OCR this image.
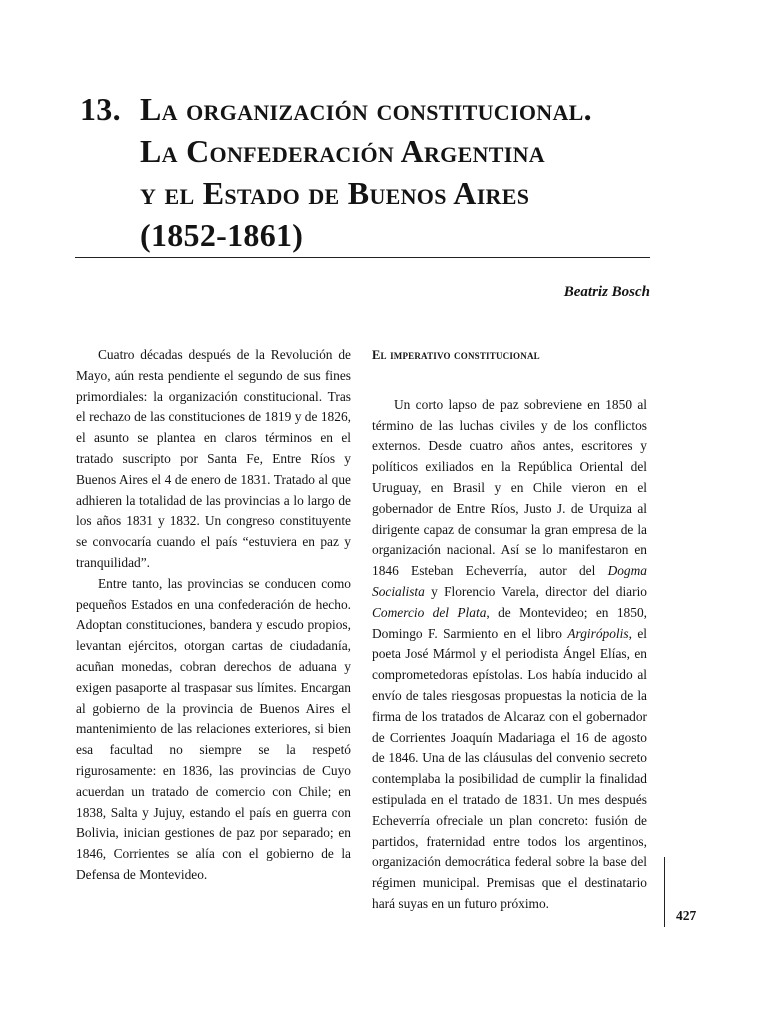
13. La organización constitucional.
La Confederación Argentina
y el Estado de Buenos Aires
(1852-1861)
Beatriz Bosch

Cuatro décadas después de la Revolución de Mayo, aún resta pendiente el segundo de sus fines primordiales: la organización constitucional. Tras el rechazo de las constituciones de 1819 y de 1826, el asunto se plantea en claros términos en el tratado suscripto por Santa Fe, Entre Ríos y Buenos Aires el 4 de enero de 1831. Tratado al que adhieren la totalidad de las provincias a lo largo de los años 1831 y 1832. Un congreso constituyente se convocaría cuando el país “estuviera en paz y tranquilidad”.

Entre tanto, las provincias se conducen como pequeños Estados en una confederación de hecho. Adoptan constituciones, bandera y escudo propios, levantan ejércitos, otorgan cartas de ciudadanía, acuñan monedas, cobran derechos de aduana y exigen pasaporte al traspasar sus límites. Encargan al gobierno de la provincia de Buenos Aires el mantenimiento de las relaciones exteriores, si bien esa facultad no siempre se la respetó rigurosamente: en 1836, las provincias de Cuyo acuerdan un tratado de comercio con Chile; en 1838, Salta y Jujuy, estando el país en guerra con Bolivia, inician gestiones de paz por separado; en 1846, Corrientes se alía con el gobierno de la Defensa de Montevideo.

El imperativo constitucional

Un corto lapso de paz sobreviene en 1850 al término de las luchas civiles y de los conflictos externos. Desde cuatro años antes, escritores y políticos exiliados en la República Oriental del Uruguay, en Brasil y en Chile vieron en el gobernador de Entre Ríos, Justo J. de Urquiza al dirigente capaz de consumar la gran empresa de la organización nacional. Así se lo manifestaron en 1846 Esteban Echeverría, autor del Dogma Socialista y Florencio Varela, director del diario Comercio del Plata, de Montevideo; en 1850, Domingo F. Sarmiento en el libro Argirópolis, el poeta José Mármol y el periodista Ángel Elías, en comprometedoras epístolas. Los había inducido al envío de tales riesgosas propuestas la noticia de la firma de los tratados de Alcaraz con el gobernador de Corrientes Joaquín Madariaga el 16 de agosto de 1846. Una de las cláusulas del convenio secreto contemplaba la posibilidad de cumplir la finalidad estipulada en el tratado de 1831. Un mes después Echeverría ofreciale un plan concreto: fusión de partidos, fraternidad entre todos los argentinos, organización democrática federal sobre la base del régimen municipal. Premisas que el destinatario hará suyas en un futuro próximo.

427
